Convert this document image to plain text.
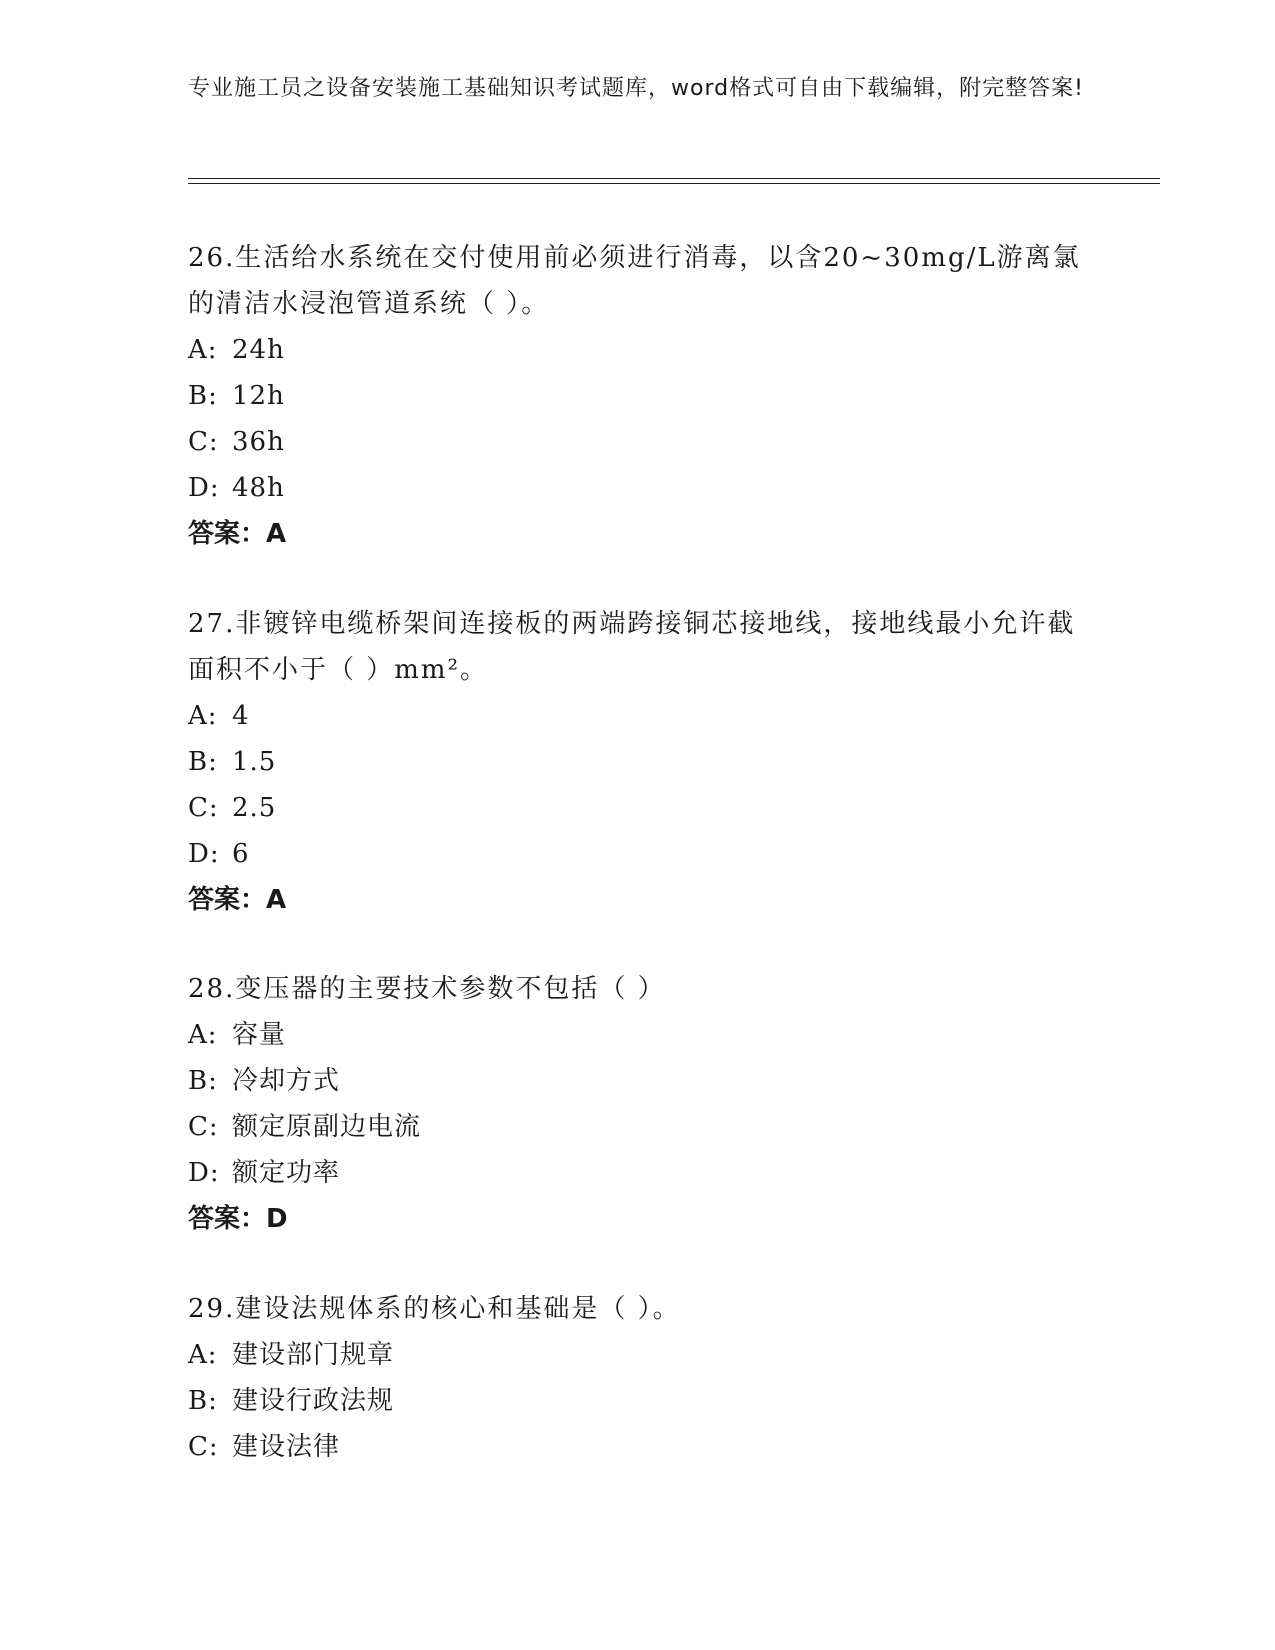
专业施工员之设备安装施工基础知识考试题库，word格式可自由下载编辑，附完整答案!
26.生活给水系统在交付使用前必须进行消毒，以含20~30mg/L游离氯的清洁水浸泡管道系统（ ）。
A: 24h
B: 12h
C: 36h
D: 48h
答案：A
27.非镀锌电缆桥架间连接板的两端跨接铜芯接地线，接地线最小允许截面积不小于（ ）mm²。
A: 4
B: 1.5
C: 2.5
D: 6
答案：A
28.变压器的主要技术参数不包括（ ）
A: 容量
B: 冷却方式
C: 额定原副边电流
D: 额定功率
答案：D
29.建设法规体系的核心和基础是（ ）。
A: 建设部门规章
B: 建设行政法规
C: 建设法律
